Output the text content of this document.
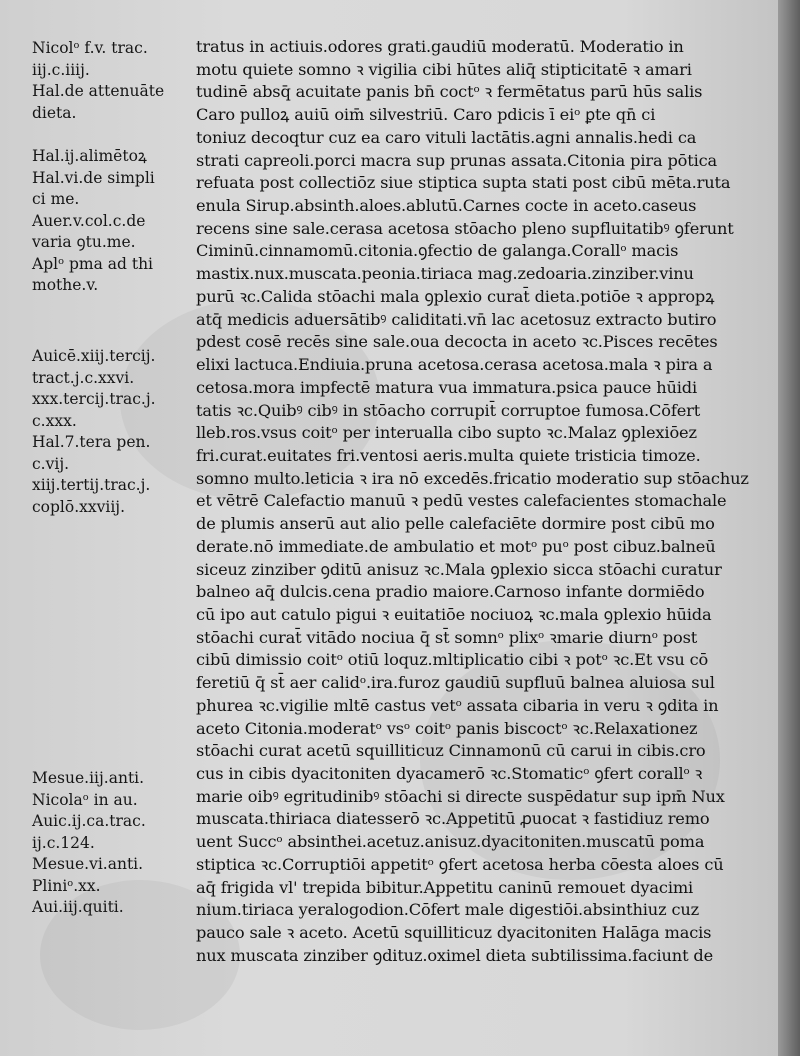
Nicolᵒ f.v. trac.
iij.c.iiij.
Hal.de attenuāte
dieta.
Hal.ij.alimētoꝝ
Hal.vi.de simpli
ci me.
Auer.v.col.c.de
varia ꝯtu.me.
Aplᵒ pma ad thi
mothe.v.
Auicē.xiij.tercij.
tract.j.c.xxvi.
xxx.tercij.trac.j.
c.xxx.
Hal.7.tera pen.
c.vij.
xiij.tertij.trac.j.
coplō.xxviij.
Mesue.iij.anti.
Nicolaᵒ in au.
Auic.ij.ca.trac.
ij.c.124.
Mesue.vi.anti.
Pliniᵒ.xx.
Aui.iij.quiti.
tratus in actiuis.odores grati.gaudiū moderatū. Moderatio in
motu quiete somno ꝛ vigilia cibi hūtes aliq̄ stipticitatē ꝛ amari
tudinē absq̄ acuitate panis bn̄ coctᵒ ꝛ fermētatus parū hūs salis
Caro pulloꝝ auiū oim̄ silvestriū. Caro pdicis ī eiᵒ ꝑte qn̄ ci
toniuz decoqtur cuz ea caro vituli lactātis.agni annalis.hedi ca
strati capreoli.porci macra sup prunas assata.Citonia pira pōtica
refuata post collectiōz siue stiptica supta stati post cibū mēta.ruta
enula Sirup.absinth.aloes.ablutū.Carnes cocte in aceto.caseus
recens sine sale.cerasa acetosa stōacho pleno supfluitatibꝰ ꝯferunt
Ciminū.cinnamomū.citonia.ꝯfectio de galanga.Corallᵒ macis
mastix.nux.muscata.peonia.tiriaca mag.zedoaria.zinziber.vinu
purū ꝛc.Calida stōachi mala ꝯplexio curat̄ dieta.potiōe ꝛ appropꝝ
atq̄ medicis aduersātibꝰ caliditati.vn̄ lac acetosuz extracto butiro
pdest cosē recēs sine sale.oua decocta in aceto ꝛc.Pisces recētes
elixi lactuca.Endiuia.pruna acetosa.cerasa acetosa.mala ꝛ pira a
cetosa.mora impfectē matura vua immatura.psica pauce hūidi
tatis ꝛc.Quibꝰ cibꝰ in stōacho corrupit̄ corruptoe fumosa.Cōfert
lleb.ros.vsus coitᵒ per interualla cibo supto ꝛc.Malaz ꝯplexiōez
fri.curat.euitates fri.ventosi aeris.multa quiete tristicia timoze.
somno multo.leticia ꝛ ira nō excedēs.fricatio moderatio sup stōachuz
et vētrē Calefactio manuū ꝛ pedū vestes calefacientes stomachale
de plumis anserū aut alio pelle calefaciēte dormire post cibū mo
derate.nō immediate.de ambulatio et motᵒ puᵒ post cibuz.balneū
siceuz zinziber ꝯditū anisuz ꝛc.Mala ꝯplexio sicca stōachi curatur
balneo aq̄ dulcis.cena pradio maiore.Carnoso infante dormiēdo
cū ipo aut catulo pigui ꝛ euitatiōe nociuoꝝ ꝛc.mala ꝯplexio hūida
stōachi curat̄ vitādo nociua q̄ st̄ somnᵒ plixᵒ ꝛmarie diurnᵒ post
cibū dimissio coitᵒ otiū loquz.mltiplicatio cibi ꝛ potᵒ ꝛc.Et vsu cō
feretiū q̄ st̄ aer calidᵒ.ira.furoz gaudiū supfluū balnea aluiosa sul
phurea ꝛc.vigilie mltē castus vetᵒ assata cibaria in veru ꝛ ꝯdita in
aceto Citonia.moderatᵒ vsᵒ coitᵒ panis biscoctᵒ ꝛc.Relaxationez
stōachi curat acetū squilliticuz Cinnamonū cū carui in cibis.cro
cus in cibis dyacitoniten dyacamerō ꝛc.Stomaticᵒ ꝯfert corallᵒ ꝛ
marie oibꝰ egritudinibꝰ stōachi si directe suspēdatur sup ipm̄ Nux
muscata.thiriaca diatesserō ꝛc.Appetitū ꝓuocat ꝛ fastidiuz remo
uent Succᵒ absinthei.acetuz.anisuz.dyacitoniten.muscatū poma
stiptica ꝛc.Corruptiōi appetitᵒ ꝯfert acetosa herba cōesta aloes cū
aq̄ frigida vl' trepida bibitur.Appetitu caninū remouet dyacimi
nium.tiriaca yeralogodion.Cōfert male digestiōi.absinthiuz cuz
pauco sale ꝛ aceto. Acetū squilliticuz dyacitoniten Halāga macis
nux muscata zinziber ꝯdituz.oximel dieta subtilissima.faciunt de
